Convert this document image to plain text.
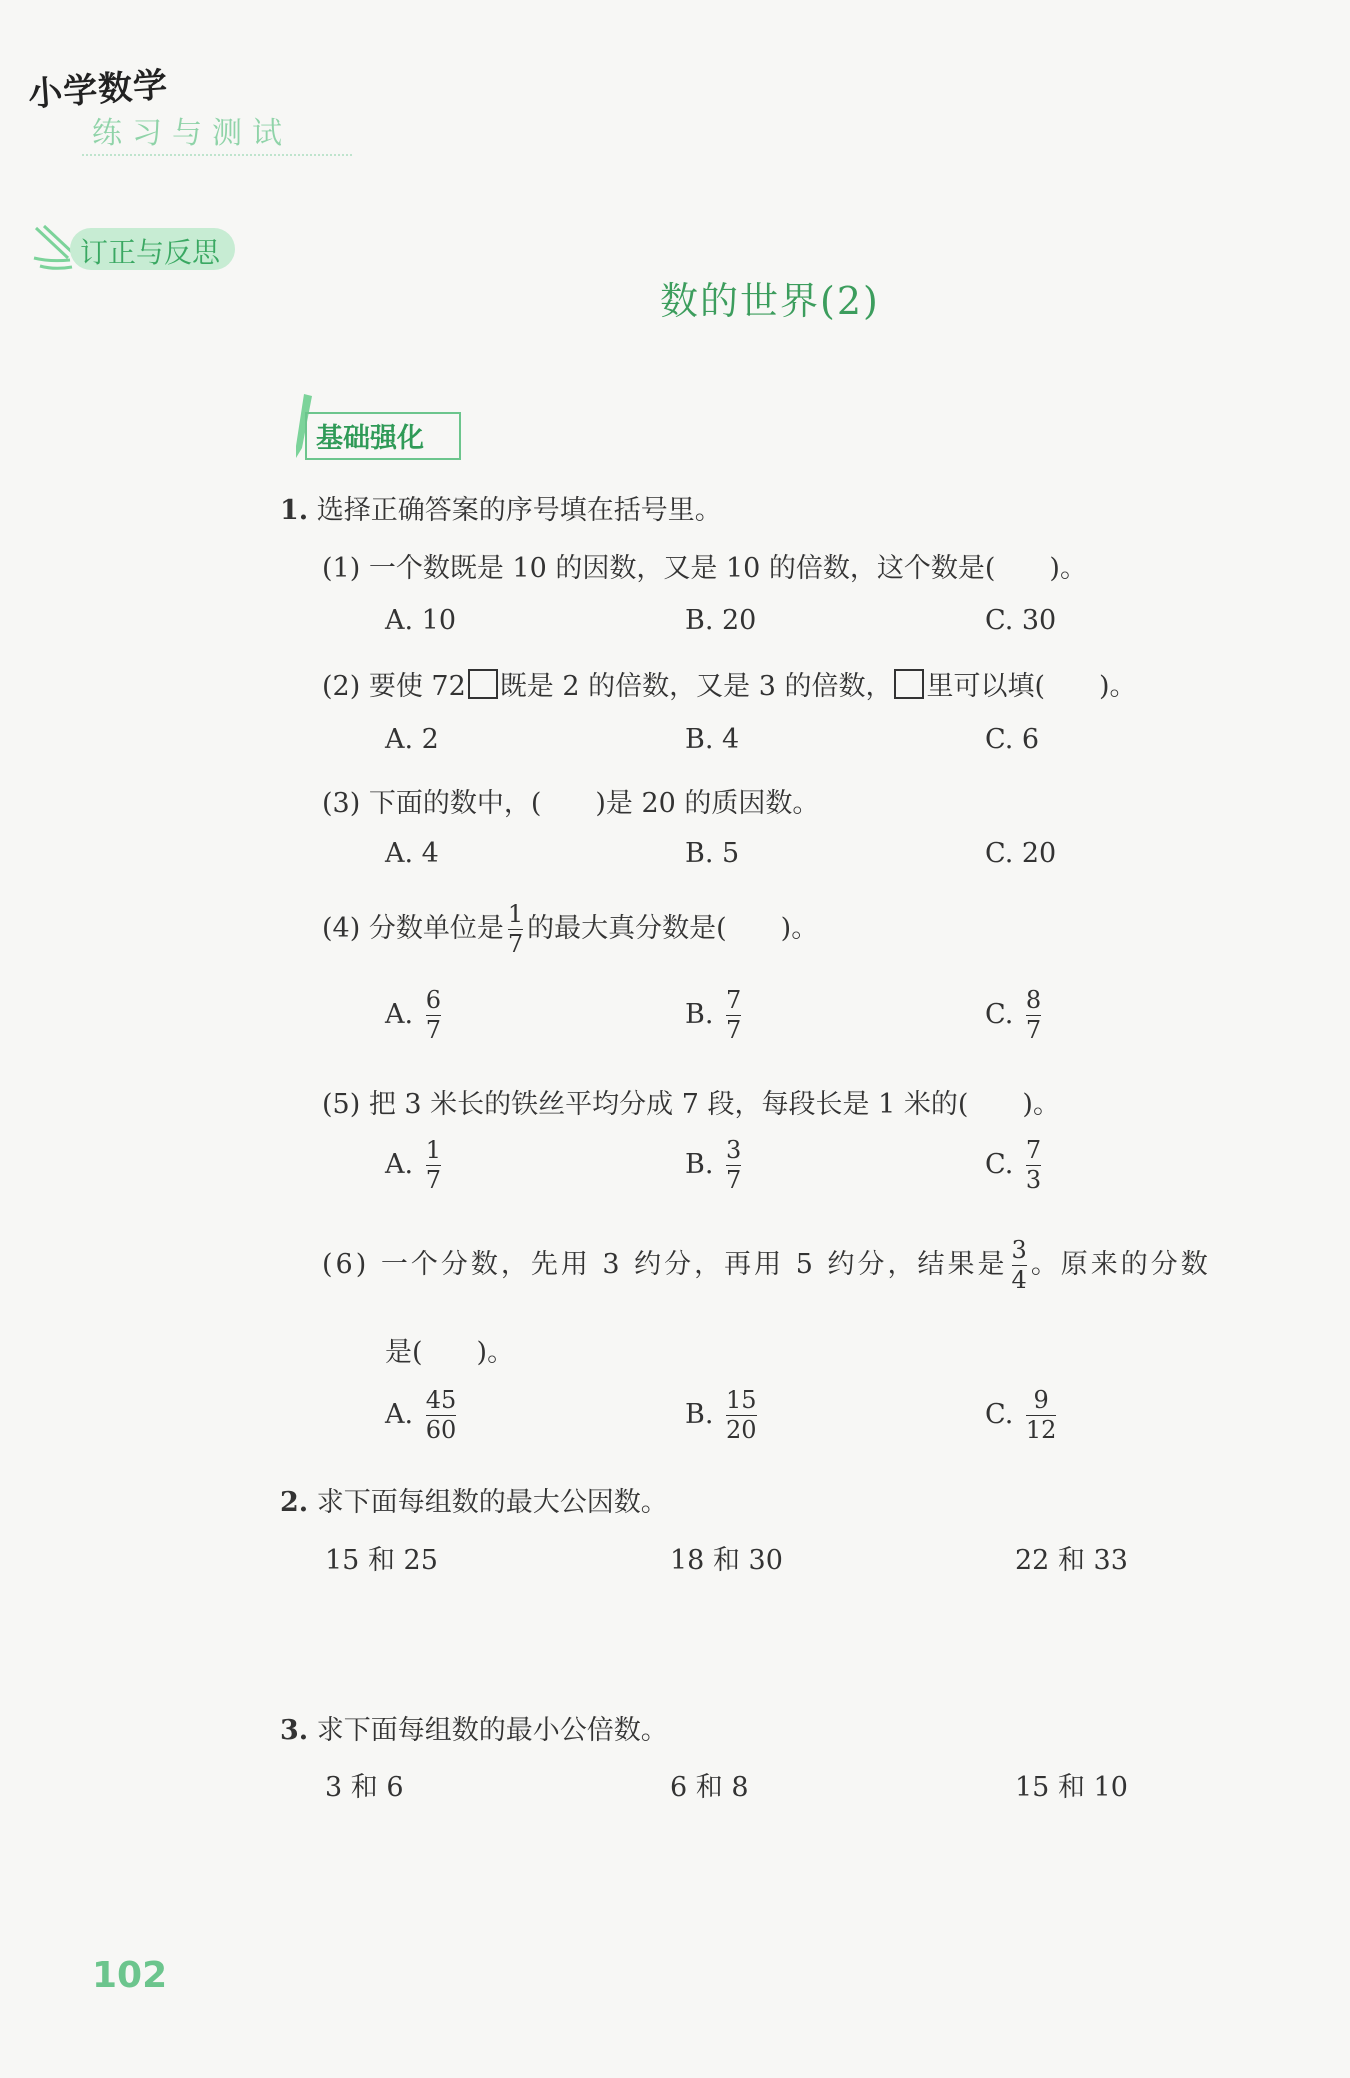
小学数学
练习与测试
订正与反思
数的世界(2)
基础强化
1. 选择正确答案的序号填在括号里。
(1) 一个数既是 10 的因数，又是 10 的倍数，这个数是(　　)。
A. 10	B. 20	C. 30
(2) 要使 72 既是 2 的倍数，又是 3 的倍数， 里可以填(　　)。
A. 2	B. 4	C. 6
(3) 下面的数中，(　　)是 20 的质因数。
A. 4	B. 5	C. 20
(4) 分数单位是 $\frac{1}{7}$ 的最大真分数是(　　)。
A. $\frac{6}{7}$	B. $\frac{7}{7}$	C. $\frac{8}{7}$
(5) 把 3 米长的铁丝平均分成 7 段，每段长是 1 米的(　　)。
A. $\frac{1}{7}$	B. $\frac{3}{7}$	C. $\frac{7}{3}$
(6) 一个分数，先用 3 约分，再用 5 约分，结果是 $\frac{3}{4}$ 。原来的分数
是(　　)。
A. $\frac{45}{60}$	B. $\frac{15}{20}$	C. $\frac{9}{12}$
2. 求下面每组数的最大公因数。
15 和 25	18 和 30	22 和 33
3. 求下面每组数的最小公倍数。
3 和 6	6 和 8	15 和 10
102
